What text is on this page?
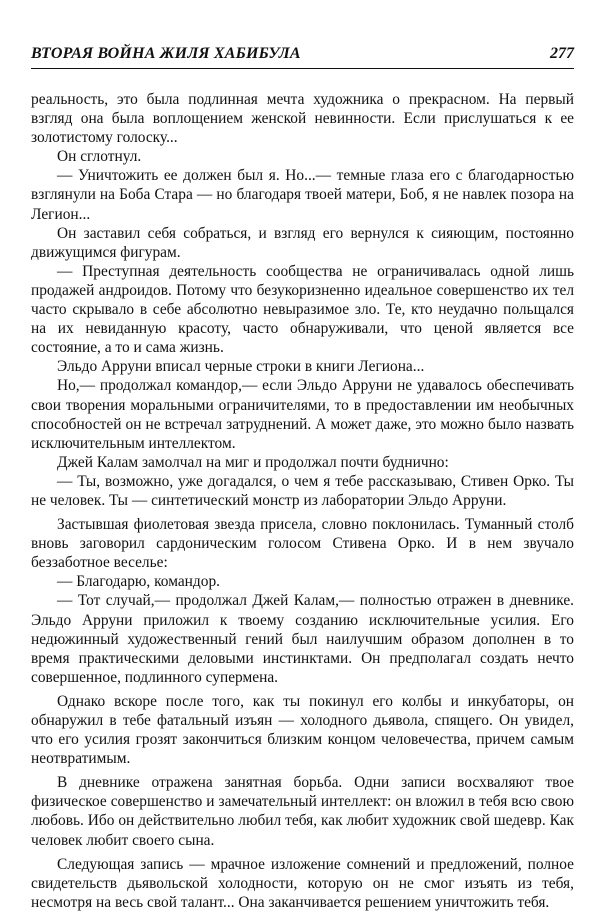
ВТОРАЯ ВОЙНА ЖИЛЯ ХАБИБУЛА	277

реальность, это была подлинная мечта художника о прекрасном. На первый взгляд она была воплощением женской невинности. Если прислушаться к ее золотистому голоску...

Он сглотнул.

— Уничтожить ее должен был я. Но...— темные глаза его с благодарностью взглянули на Боба Стара — но благодаря твоей матери, Боб, я не навлек позора на Легион...

Он заставил себя собраться, и взгляд его вернулся к сияющим, постоянно движущимся фигурам.

— Преступная деятельность сообщества не ограничивалась одной лишь продажей андроидов. Потому что безукоризненно идеальное совершенство их тел часто скрывало в себе абсолютно невыразимое зло. Те, кто неудачно польщался на их невиданную красоту, часто обнаруживали, что ценой является все состояние, а то и сама жизнь.

Эльдо Арруни вписал черные строки в книги Легиона...

Но,— продолжал командор,— если Эльдо Арруни не удавалось обеспечивать свои творения моральными ограничителями, то в предоставлении им необычных способностей он не встречал затруднений. А может даже, это можно было назвать исключительным интеллектом.

Джей Калам замолчал на миг и продолжал почти буднично:

— Ты, возможно, уже догадался, о чем я тебе рассказываю, Стивен Орко. Ты не человек. Ты — синтетический монстр из лаборатории Эльдо Арруни.

Застывшая фиолетовая звезда присела, словно поклонилась. Туманный столб вновь заговорил сардоническим голосом Стивена Орко. И в нем звучало беззаботное веселье:

— Благодарю, командор.

— Тот случай,— продолжал Джей Калам,— полностью отражен в дневнике. Эльдо Арруни приложил к твоему созданию исключительные усилия. Его недюжинный художественный гений был наилучшим образом дополнен в то время практическими деловыми инстинктами. Он предполагал создать нечто совершенное, подлинного супермена.

Однако вскоре после того, как ты покинул его колбы и инкубаторы, он обнаружил в тебе фатальный изъян — холодного дьявола, спящего. Он увидел, что его усилия грозят закончиться близким концом человечества, причем самым неотвратимым.

В дневнике отражена занятная борьба. Одни записи восхваляют твое физическое совершенство и замечательный интеллект: он вложил в тебя всю свою любовь. Ибо он действительно любил тебя, как любит художник свой шедевр. Как человек любит своего сына.

Следующая запись — мрачное изложение сомнений и предложений, полное свидетельств дьявольской холодности, которую он не смог изъять из тебя, несмотря на весь свой талант... Она заканчивается решением уничтожить тебя.
